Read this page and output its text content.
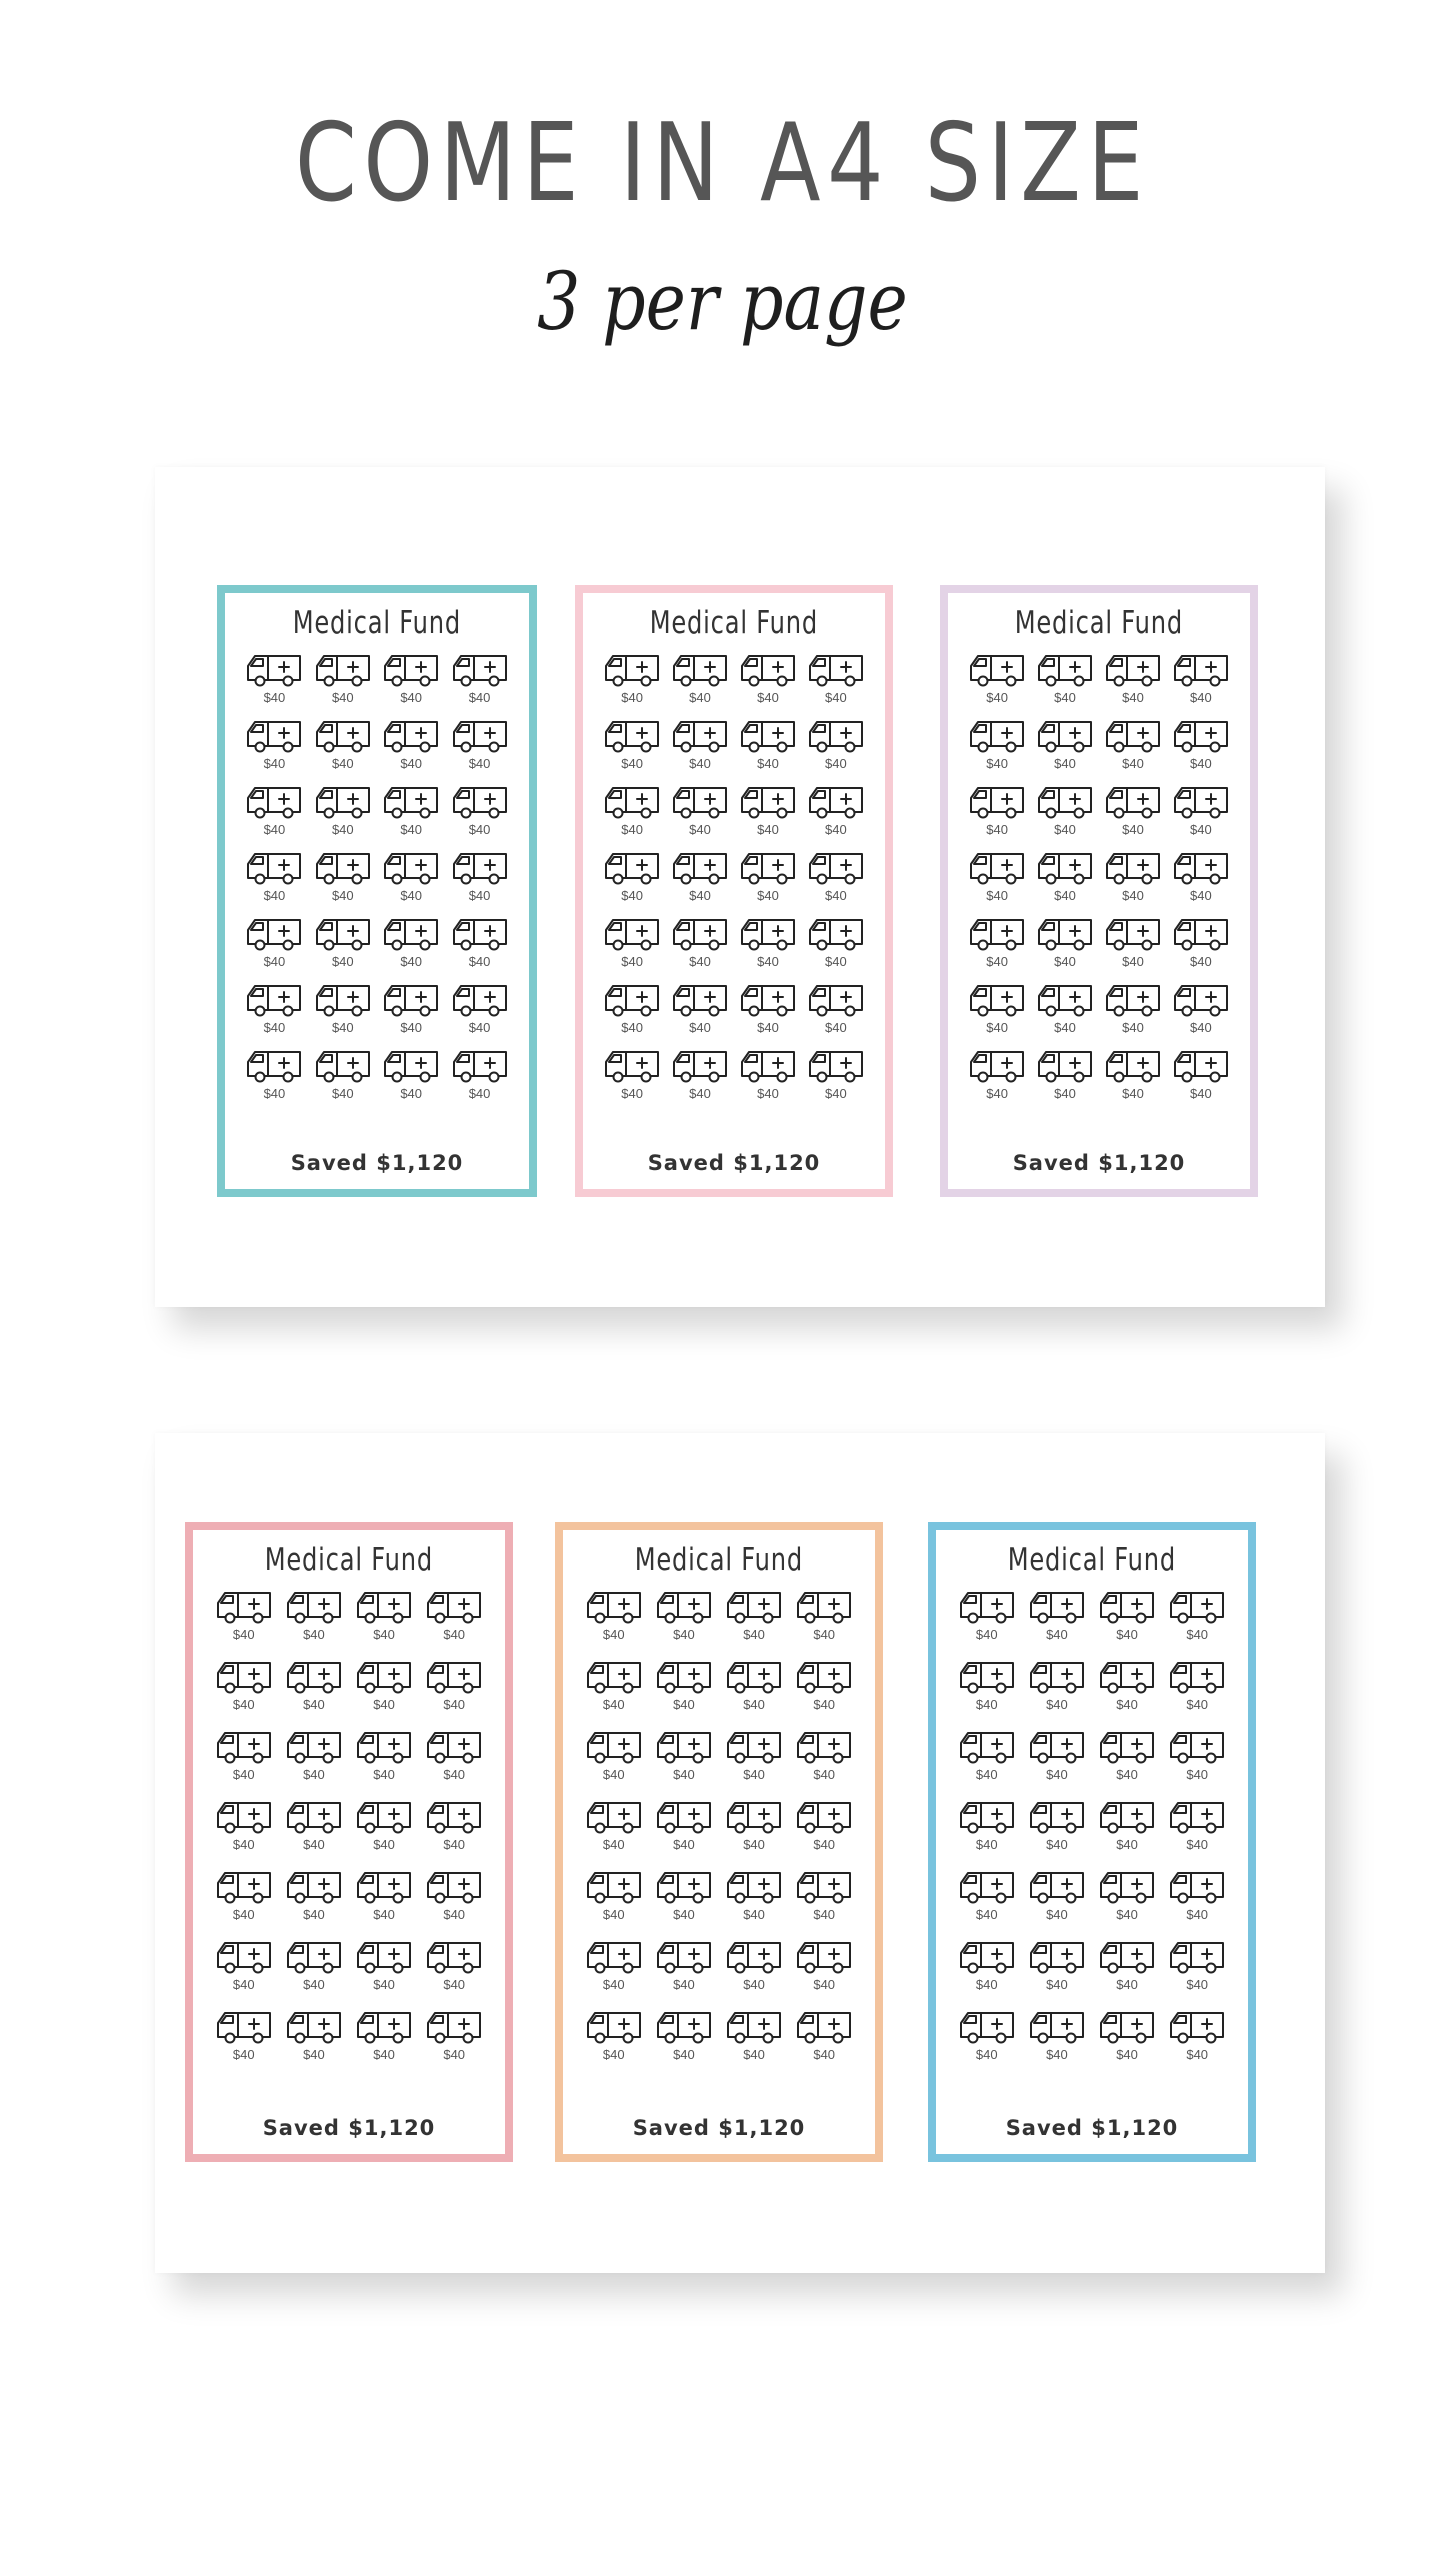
COME IN A4 SIZE
3 per page
Medical Fund
$40	$40	$40	$40
$40	$40	$40	$40
$40	$40	$40	$40
$40	$40	$40	$40
$40	$40	$40	$40
$40	$40	$40	$40
$40	$40	$40	$40
Saved $1,120
Medical Fund
$40	$40	$40	$40
$40	$40	$40	$40
$40	$40	$40	$40
$40	$40	$40	$40
$40	$40	$40	$40
$40	$40	$40	$40
$40	$40	$40	$40
Saved $1,120
Medical Fund
$40	$40	$40	$40
$40	$40	$40	$40
$40	$40	$40	$40
$40	$40	$40	$40
$40	$40	$40	$40
$40	$40	$40	$40
$40	$40	$40	$40
Saved $1,120
Medical Fund
$40	$40	$40	$40
$40	$40	$40	$40
$40	$40	$40	$40
$40	$40	$40	$40
$40	$40	$40	$40
$40	$40	$40	$40
$40	$40	$40	$40
Saved $1,120
Medical Fund
$40	$40	$40	$40
$40	$40	$40	$40
$40	$40	$40	$40
$40	$40	$40	$40
$40	$40	$40	$40
$40	$40	$40	$40
$40	$40	$40	$40
Saved $1,120
Medical Fund
$40	$40	$40	$40
$40	$40	$40	$40
$40	$40	$40	$40
$40	$40	$40	$40
$40	$40	$40	$40
$40	$40	$40	$40
$40	$40	$40	$40
Saved $1,120
